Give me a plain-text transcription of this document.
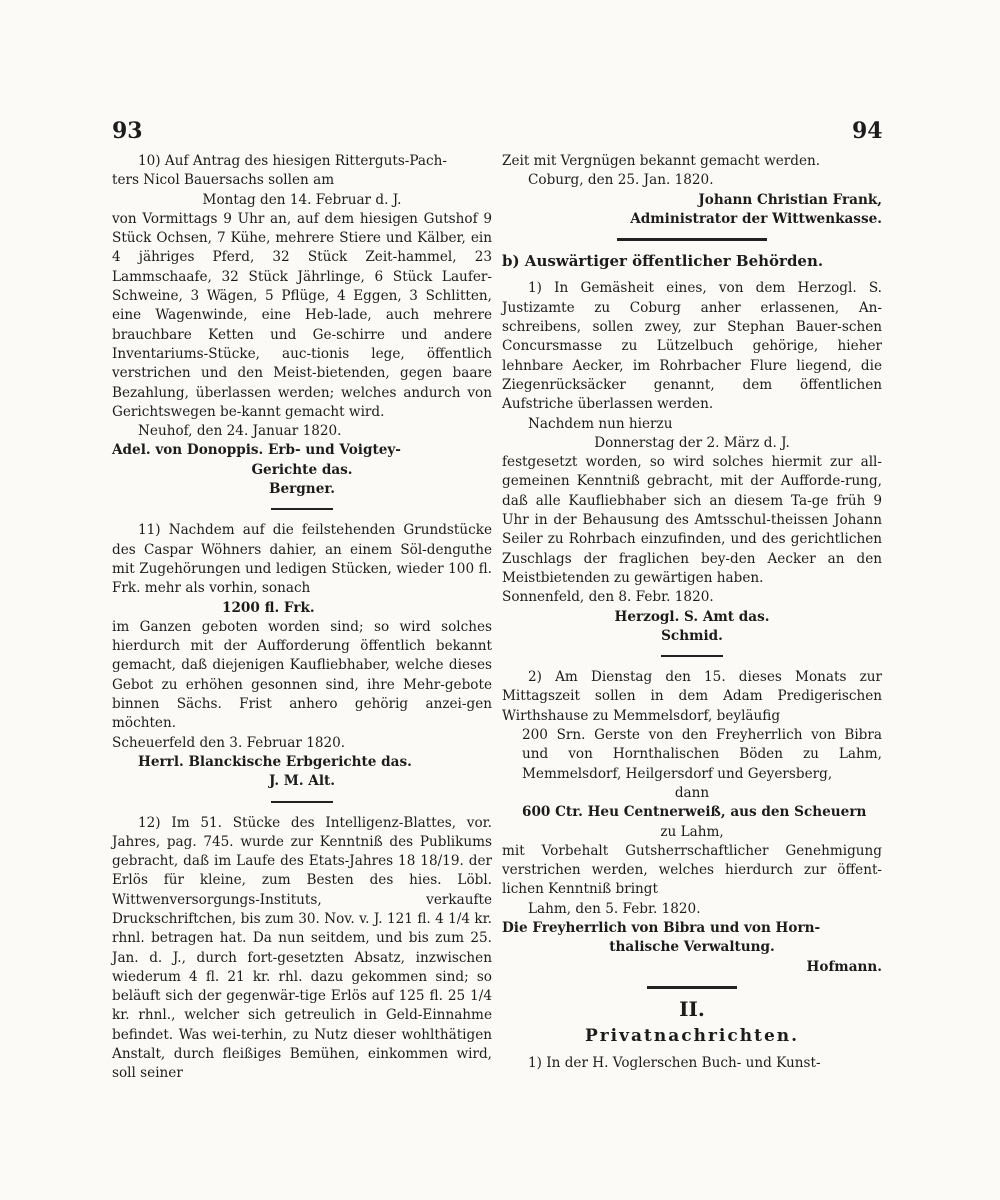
93	94

10) Auf Antrag des hiesigen Ritterguts-Pach-

ters Nicol Bauersachs sollen am

Montag den 14. Februar d. J.

von Vormittags 9 Uhr an, auf dem hiesigen Gutshof 9 Stück Ochsen, 7 Kühe, mehrere Stiere und Kälber, ein 4 jähriges Pferd, 32 Stück Zeit-hammel, 23 Lammschaafe, 32 Stück Jährlinge, 6 Stück Laufer-Schweine, 3 Wägen, 5 Pflüge, 4 Eggen, 3 Schlitten, eine Wagenwinde, eine Heb-lade, auch mehrere brauchbare Ketten und Ge-schirre und andere Inventariums-Stücke, auc-tionis lege, öffentlich verstrichen und den Meist-bietenden, gegen baare Bezahlung, überlassen werden; welches andurch von Gerichtswegen be-kannt gemacht wird.

Neuhof, den 24. Januar 1820.

Adel. von Donoppis. Erb- und Voigtey-

Gerichte das.

Bergner.

11) Nachdem auf die feilstehenden Grundstücke des Caspar Wöhners dahier, an einem Söl-denguthe mit Zugehörungen und ledigen Stücken, wieder 100 fl. Frk. mehr als vorhin, sonach

1200 fl. Frk.

im Ganzen geboten worden sind; so wird solches hierdurch mit der Aufforderung öffentlich bekannt gemacht, daß diejenigen Kaufliebhaber, welche dieses Gebot zu erhöhen gesonnen sind, ihre Mehr-gebote binnen Sächs. Frist anhero gehörig anzei-gen möchten.

Scheuerfeld den 3. Februar 1820.

Herrl. Blanckische Erbgerichte das.

J. M. Alt.

12) Im 51. Stücke des Intelligenz-Blattes, vor. Jahres, pag. 745. wurde zur Kenntniß des Publikums gebracht, daß im Laufe des Etats-Jahres 18 18/19. der Erlös für kleine, zum Besten des hies. Löbl. Wittwenversorgungs-Instituts, verkaufte Druckschriftchen, bis zum 30. Nov. v. J. 121 fl. 4 1/4 kr. rhnl. betragen hat. Da nun seitdem, und bis zum 25. Jan. d. J., durch fort-gesetzten Absatz, inzwischen wiederum 4 fl. 21 kr. rhl. dazu gekommen sind; so beläuft sich der gegenwär-tige Erlös auf 125 fl. 25 1/4 kr. rhnl., welcher sich getreulich in Geld-Einnahme befindet. Was wei-terhin, zu Nutz dieser wohlthätigen Anstalt, durch fleißiges Bemühen, einkommen wird, soll seiner

Zeit mit Vergnügen bekannt gemacht werden.

Coburg, den 25. Jan. 1820.

Johann Christian Frank,

Administrator der Wittwenkasse.

b) Auswärtiger öffentlicher Behörden.

1) In Gemäsheit eines, von dem Herzogl. S. Justizamte zu Coburg anher erlassenen, An-schreibens, sollen zwey, zur Stephan Bauer-schen Concursmasse zu Lützelbuch gehörige, hieher lehnbare Aecker, im Rohrbacher Flure liegend, die Ziegenrücksäcker genannt, dem öffentlichen Aufstriche überlassen werden.

Nachdem nun hierzu

Donnerstag der 2. März d. J.

festgesetzt worden, so wird solches hiermit zur all-gemeinen Kenntniß gebracht, mit der Aufforde-rung, daß alle Kaufliebhaber sich an diesem Ta-ge früh 9 Uhr in der Behausung des Amtsschul-theissen Johann Seiler zu Rohrbach einzufinden, und des gerichtlichen Zuschlags der fraglichen bey-den Aecker an den Meistbietenden zu gewärtigen haben.

Sonnenfeld, den 8. Febr. 1820.

Herzogl. S. Amt das.

Schmid.

2) Am Dienstag den 15. dieses Monats zur Mittagszeit sollen in dem Adam Predigerischen Wirthshause zu Memmelsdorf, beyläufig

200 Srn. Gerste von den Freyherrlich von Bibra und von Hornthalischen Böden zu Lahm, Memmelsdorf, Heilgersdorf und Geyersberg,

dann

600 Ctr. Heu Centnerweiß, aus den Scheuern

zu Lahm,

mit Vorbehalt Gutsherrschaftlicher Genehmigung verstrichen werden, welches hierdurch zur öffent-lichen Kenntniß bringt

Lahm, den 5. Febr. 1820.

Die Freyherrlich von Bibra und von Horn-

thalische Verwaltung.

Hofmann.

II.

Privatnachrichten.

1) In der H. Voglerschen Buch- und Kunst-
